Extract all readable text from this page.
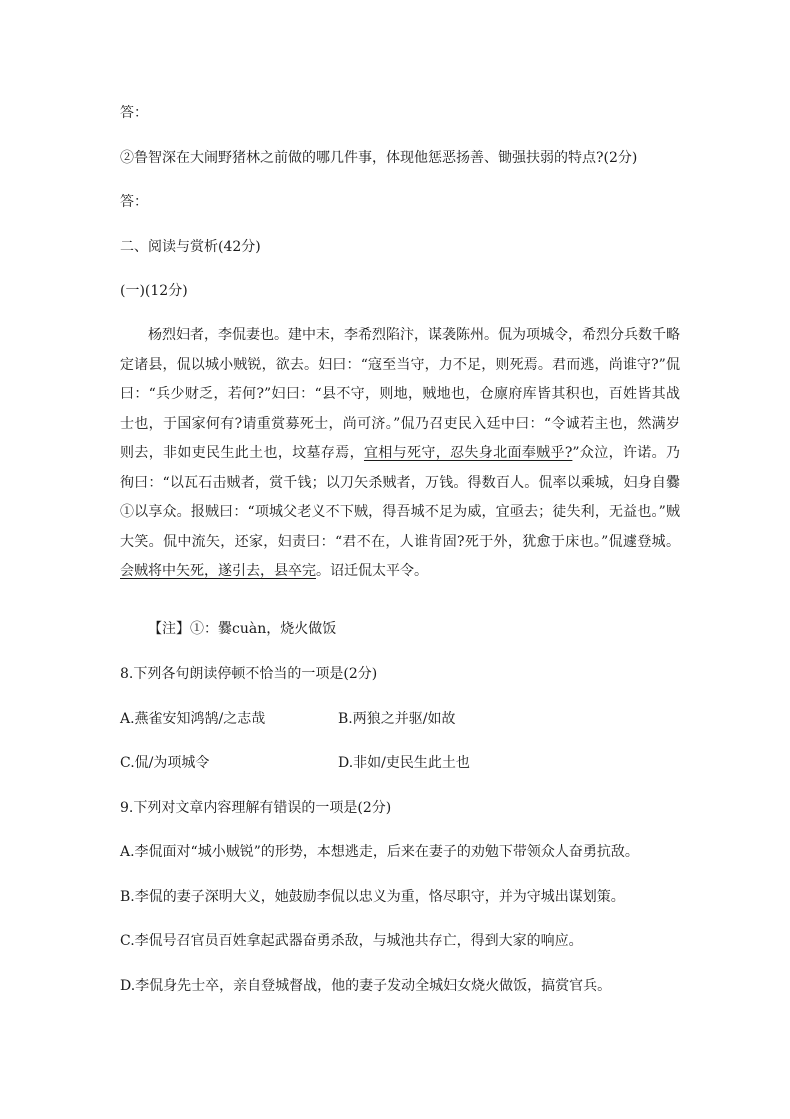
答：
②鲁智深在大闹野猪林之前做的哪几件事，体现他惩恶扬善、锄强扶弱的特点?(2分)
答：
二、阅读与赏析(42分)
(一)(12分)
杨烈妇者，李侃妻也。建中末，李希烈陷汴，谋袭陈州。侃为项城令，希烈分兵数千略定诸县，侃以城小贼锐，欲去。妇曰：“寇至当守，力不足，则死焉。君而逃，尚谁守?”侃曰：“兵少财乏，若何?”妇曰：“县不守，则地，贼地也，仓廪府库皆其积也，百姓皆其战士也，于国家何有?请重赏募死士，尚可济。”侃乃召吏民入廷中曰：“令诚若主也，然满岁则去，非如吏民生此土也，坟墓存焉，宜相与死守，忍失身北面奉贼乎?”众泣，许诺。乃徇曰：“以瓦石击贼者，赏千钱；以刀矢杀贼者，万钱。得数百人。侃率以乘城，妇身自爨①以享众。报贼曰：“项城父老义不下贼，得吾城不足为威，宜亟去；徒失利，无益也。”贼大笑。侃中流矢，还家，妇责曰：“君不在，人谁肯固?死于外，犹愈于床也。”侃遽登城。会贼将中矢死，遂引去，县卒完。诏迁侃太平令。
【注】①：爨cuàn，烧火做饭
8.下列各句朗读停顿不恰当的一项是(2分)
A.燕雀安知鸿鹄/之志哉	B.两狼之并驱/如故
C.侃/为项城令	D.非如/吏民生此土也
9.下列对文章内容理解有错误的一项是(2分)
A.李侃面对“城小贼锐”的形势，本想逃走，后来在妻子的劝勉下带领众人奋勇抗敌。
B.李侃的妻子深明大义，她鼓励李侃以忠义为重，恪尽职守，并为守城出谋划策。
C.李侃号召官员百姓拿起武器奋勇杀敌，与城池共存亡，得到大家的响应。
D.李侃身先士卒，亲自登城督战，他的妻子发动全城妇女烧火做饭，搞赏官兵。
